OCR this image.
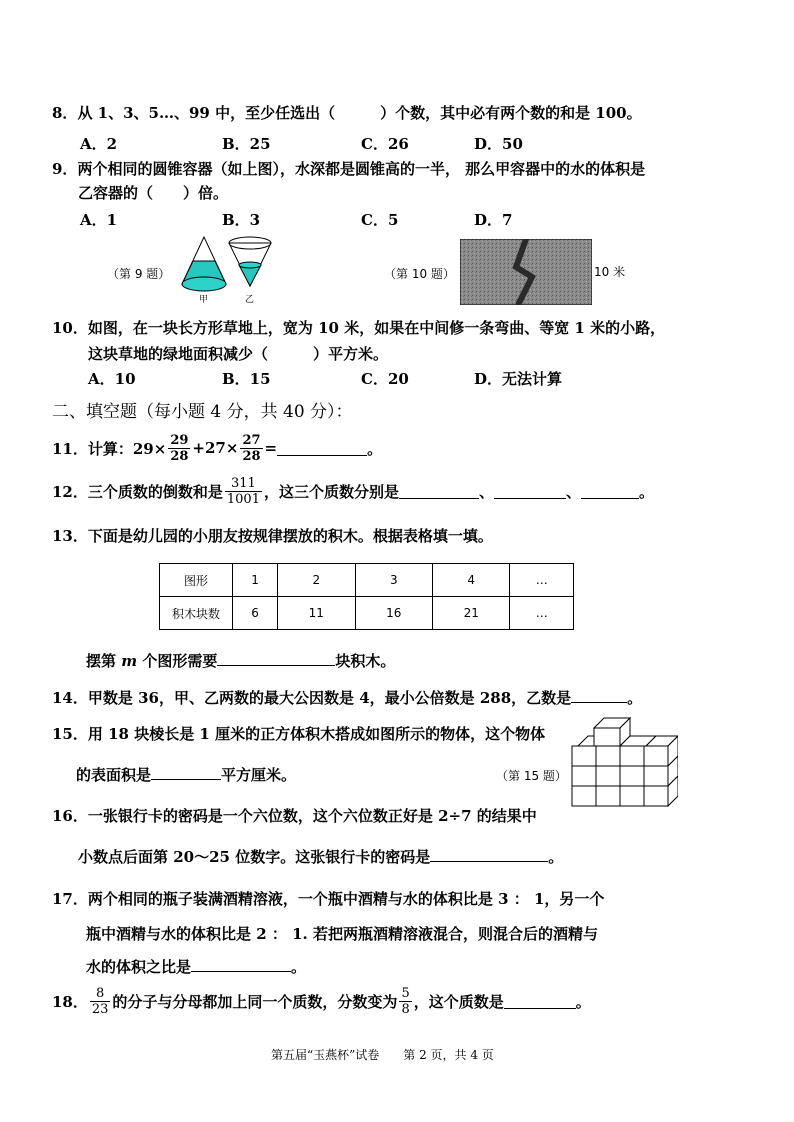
8．从 1、3、5…、99 中，至少任选出（　　　）个数，其中必有两个数的和是 100。
A．2	B．25	C．26	D．50
9．两个相同的圆锥容器（如上图），水深都是圆锥高的一半， 那么甲容器中的水的体积是
乙容器的（　　）倍。
A．1	B．3	C．5	D．7
（第 9 题）
甲	乙
（第 10 题）	10 米
10．如图，在一块长方形草地上，宽为 10 米，如果在中间修一条弯曲、等宽 1 米的小路，
这块草地的绿地面积减少（　　　）平方米。
A．10	B．15	C．20	D．无法计算
二、填空题（每小题 4 分，共 40 分）：
11． 计算：$29\times \frac{29}{28} +27\times \frac{27}{28}$ =	。
12． 三个质数的倒数和是 $\frac{311}{1001}$ ，这三个质数分别是	、	、	。
13．下面是幼儿园的小朋友按规律摆放的积木。根据表格填一填。
图形	1	2	3	4	…
积木块数	6	11	16	21	…
摆第 m 个图形需要	块积木。
14．甲数是 36，甲、乙两数的最大公因数是 4，最小公倍数是 288，乙数是	。
15．用 18 块棱长是 1 厘米的正方体积木搭成如图所示的物体，这个物体
的表面积是	平方厘米。	（第 15 题）
16．一张银行卡的密码是一个六位数，这个六位数正好是 2÷7 的结果中
小数点后面第 20～25 位数字。这张银行卡的密码是	。
17．两个相同的瓶子装满酒精溶液，一个瓶中酒精与水的体积比是 3 ： 1，另一个
瓶中酒精与水的体积比是 2 ： 1. 若把两瓶酒精溶液混合，则混合后的酒精与
水的体积之比是	。
18． $\frac{8}{23}$ 的分子与分母都加上同一个质数，分数变为 $\frac{5}{8}$ ，这个质数是	。
第五届“玉燕杯”试卷　　第 2 页，共 4 页
